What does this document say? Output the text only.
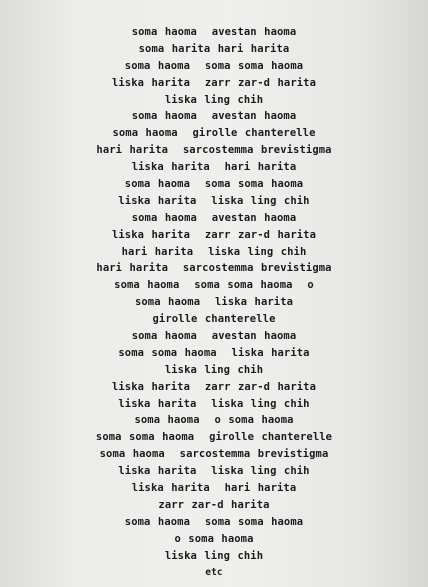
soma haoma  avestan haoma
soma harita hari harita
soma haoma  soma soma haoma
liska harita  zarr zar-d harita
liska ling chih
soma haoma  avestan haoma
soma haoma  girolle chanterelle
hari harita  sarcostemma brevistigma
liska harita  hari harita
soma haoma  soma soma haoma
liska harita  liska ling chih
soma haoma  avestan haoma
liska harita  zarr zar-d harita
hari harita  liska ling chih
hari harita  sarcostemma brevistigma
soma haoma  soma soma haoma  o
soma haoma  liska harita
girolle chanterelle
soma haoma  avestan haoma
soma soma haoma  liska harita
liska ling chih
liska harita  zarr zar-d harita
liska harita  liska ling chih
soma haoma  o soma haoma
soma soma haoma  girolle chanterelle
soma haoma  sarcostemma brevistigma
liska harita  liska ling chih
liska harita  hari harita
zarr zar-d harita
soma haoma  soma soma haoma
o soma haoma
liska ling chih
etc
